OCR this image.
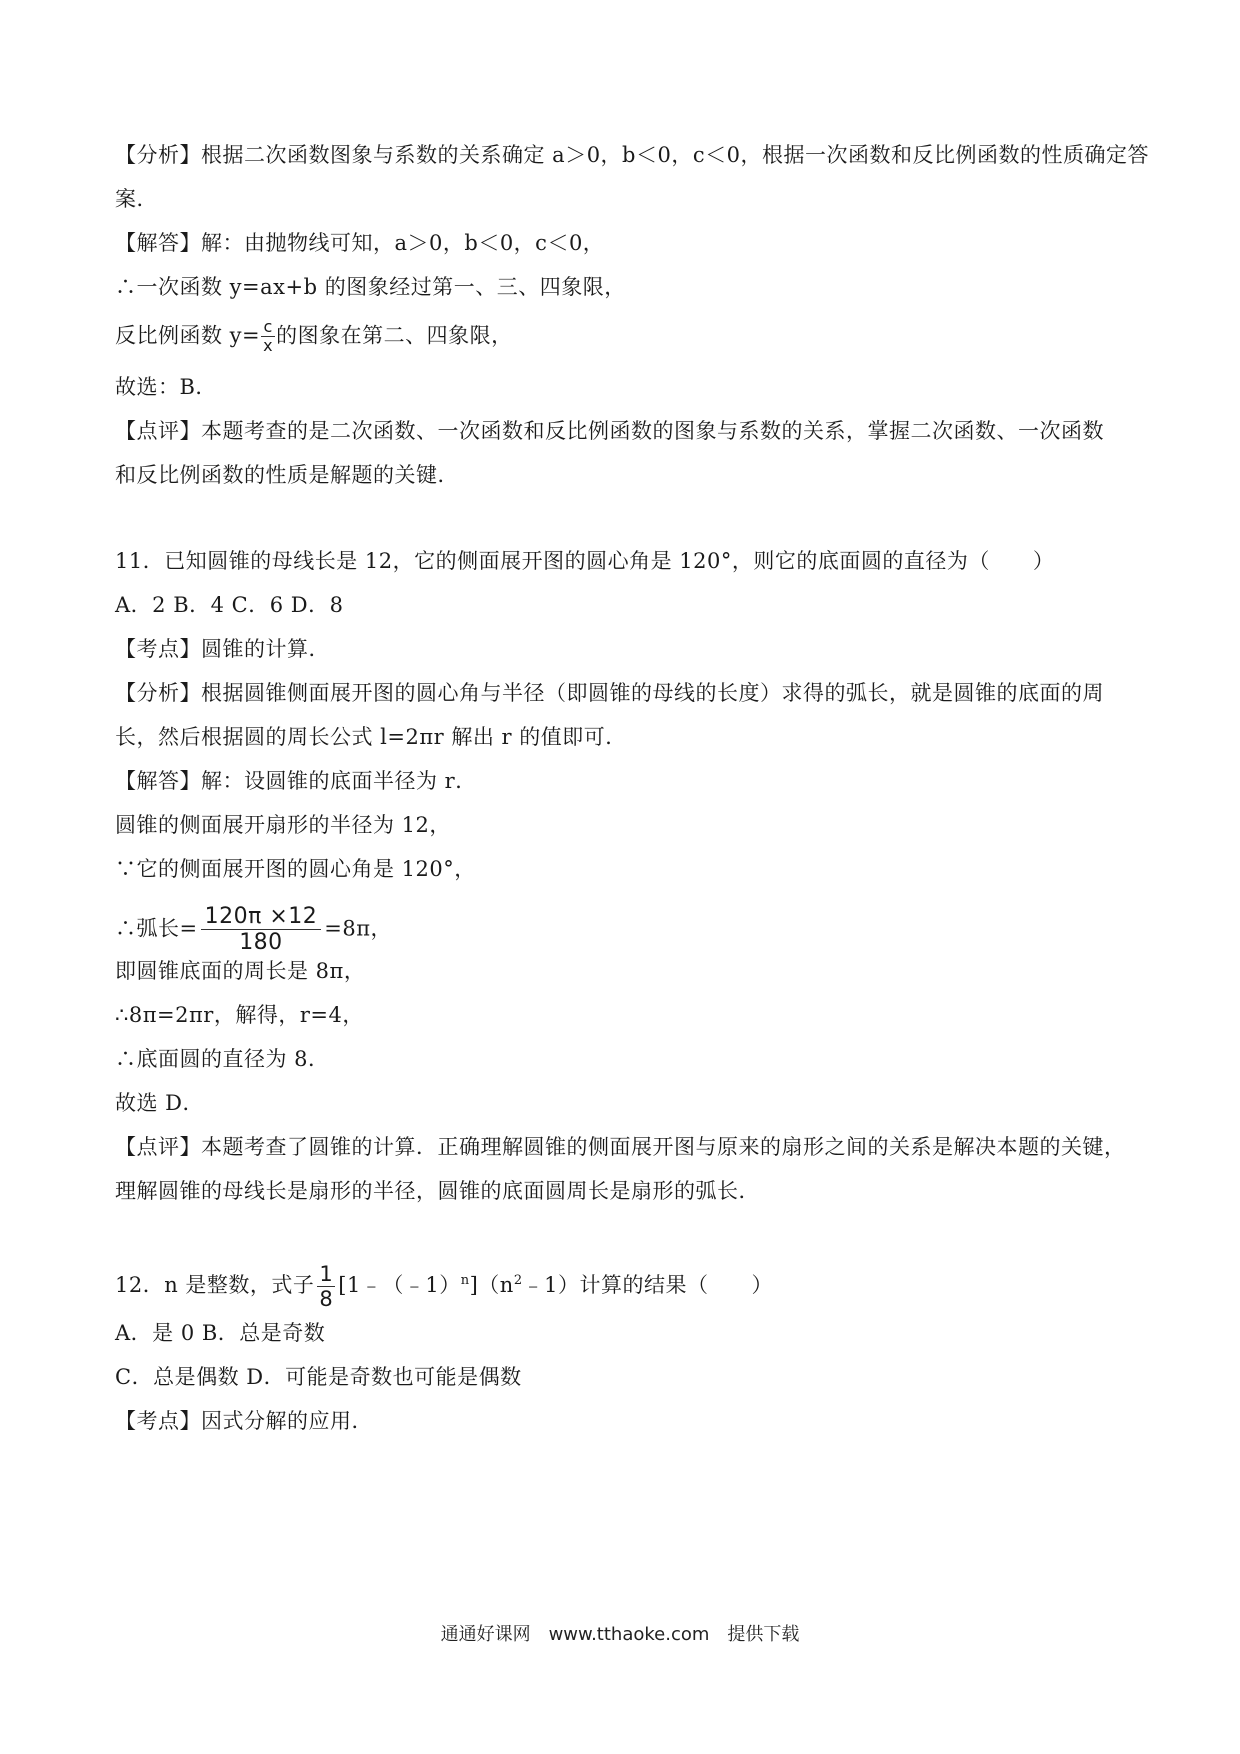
【分析】根据二次函数图象与系数的关系确定 a＞0，b＜0，c＜0，根据一次函数和反比例函数的性质确定答
案．
【解答】解：由抛物线可知，a＞0，b＜0，c＜0，
∴一次函数 y=ax+b 的图象经过第一、三、四象限，
反比例函数 $y= \frac{c}{x}$ 的图象在第二、四象限，
故选：B．
【点评】本题考查的是二次函数、一次函数和反比例函数的图象与系数的关系，掌握二次函数、一次函数
和反比例函数的性质是解题的关键．
11．已知圆锥的母线长是 12，它的侧面展开图的圆心角是 120°，则它的底面圆的直径为（　　）
A．2 B．4 C．6 D．8
【考点】圆锥的计算．
【分析】根据圆锥侧面展开图的圆心角与半径（即圆锥的母线的长度）求得的弧长，就是圆锥的底面的周
长，然后根据圆的周长公式 l=2πr 解出 r 的值即可．
【解答】解：设圆锥的底面半径为 r．
圆锥的侧面展开扇形的半径为 12，
∵它的侧面展开图的圆心角是 120°，
∴弧长= $\frac{120\pi \times 12}{180} =8\pi$，
即圆锥底面的周长是 8π，
∴8π=2πr，解得，r=4，
∴底面圆的直径为 8．
故选 D．
【点评】本题考查了圆锥的计算．正确理解圆锥的侧面展开图与原来的扇形之间的关系是解决本题的关键，
理解圆锥的母线长是扇形的半径，圆锥的底面圆周长是扇形的弧长．
12．n 是整数，式子 $\frac{1}{8}$ $[1﹣(﹣1)^n](n^2﹣1)$计算的结果（　　）
A．是 0 B．总是奇数
C．总是偶数 D．可能是奇数也可能是偶数
【考点】因式分解的应用．
通通好课网　www.tthaoke.com　提供下载
